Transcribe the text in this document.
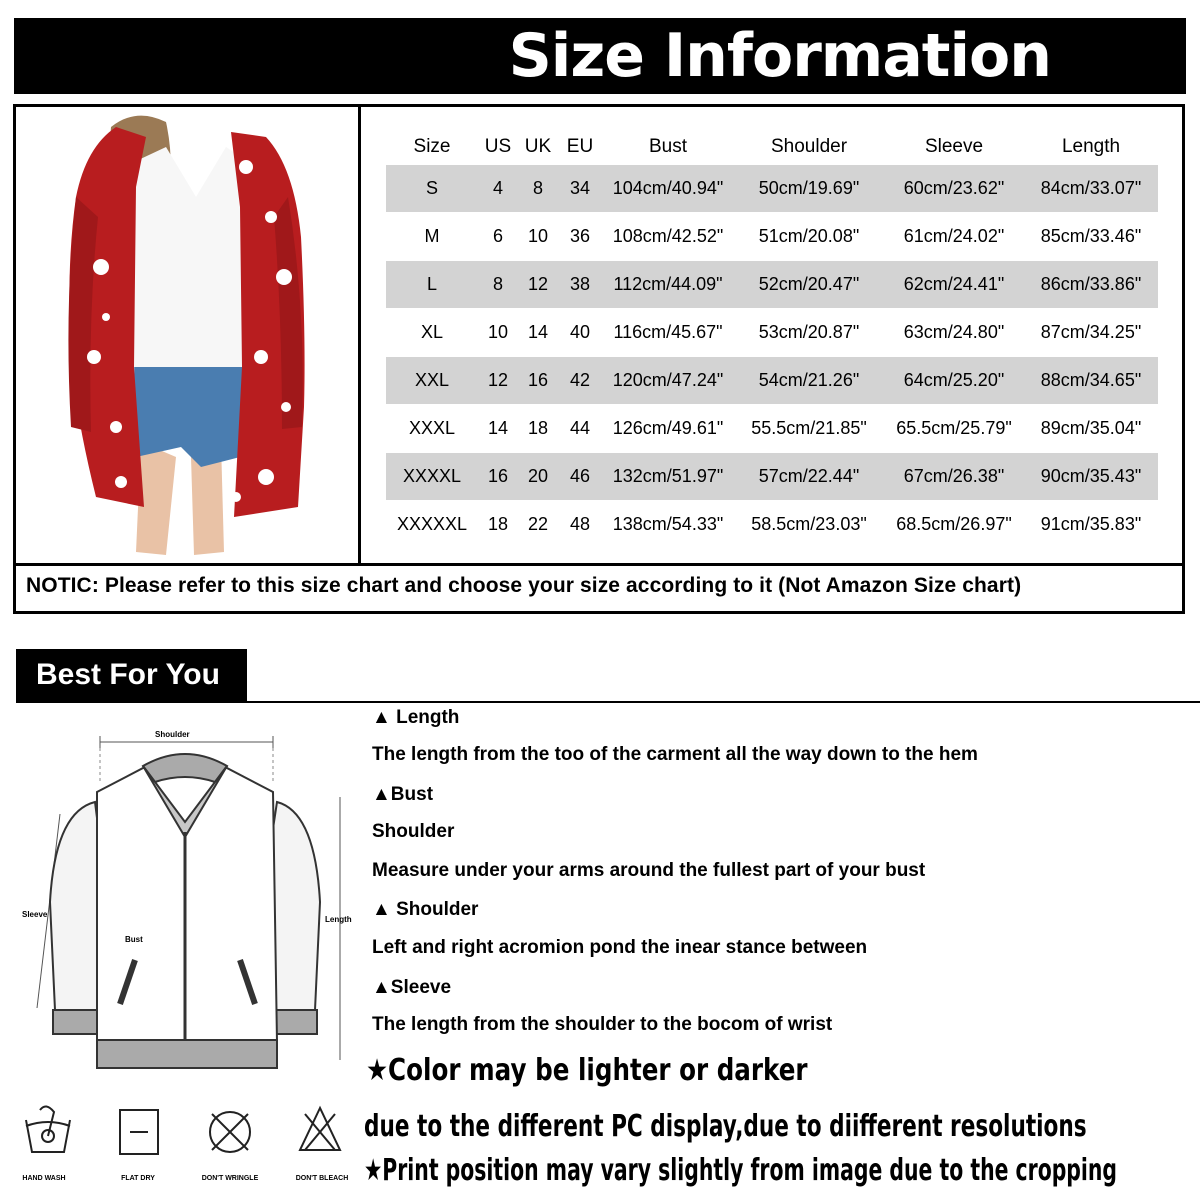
Size Information
NOTIC: Please refer to this size chart and choose your size according to it (Not Amazon Size chart)
Size	US	UK	EU	Bust	Shoulder	Sleeve	Length
S	4	8	34	104cm/40.94"	50cm/19.69"	60cm/23.62"	84cm/33.07"
M	6	10	36	108cm/42.52"	51cm/20.08"	61cm/24.02"	85cm/33.46"
L	8	12	38	112cm/44.09"	52cm/20.47"	62cm/24.41"	86cm/33.86"
XL	10	14	40	116cm/45.67"	53cm/20.87"	63cm/24.80"	87cm/34.25"
XXL	12	16	42	120cm/47.24"	54cm/21.26"	64cm/25.20"	88cm/34.65"
XXXL	14	18	44	126cm/49.61"	55.5cm/21.85"	65.5cm/25.79"	89cm/35.04"
XXXXL	16	20	46	132cm/51.97"	57cm/22.44"	67cm/26.38"	90cm/35.43"
XXXXXL	18	22	48	138cm/54.33"	58.5cm/23.03"	68.5cm/26.97"	91cm/35.83"
Best For You
Shoulder
Sleeve
Length
Bust
▲ Length
The length from the too of the carment all the way down to the hem
▲Bust
Shoulder
Measure under your arms around the fullest part of your bust
▲ Shoulder
Left and right acromion pond the inear stance between
▲Sleeve
The length from the shoulder to the bocom of wrist
★Color may be lighter or darker
due to the different PC display,due to diifferent resolutions
★Print position may vary slightly from image due to the cropping
HAND WASH	FLAT DRY	DON'T WRINGLE	DON'T BLEACH
